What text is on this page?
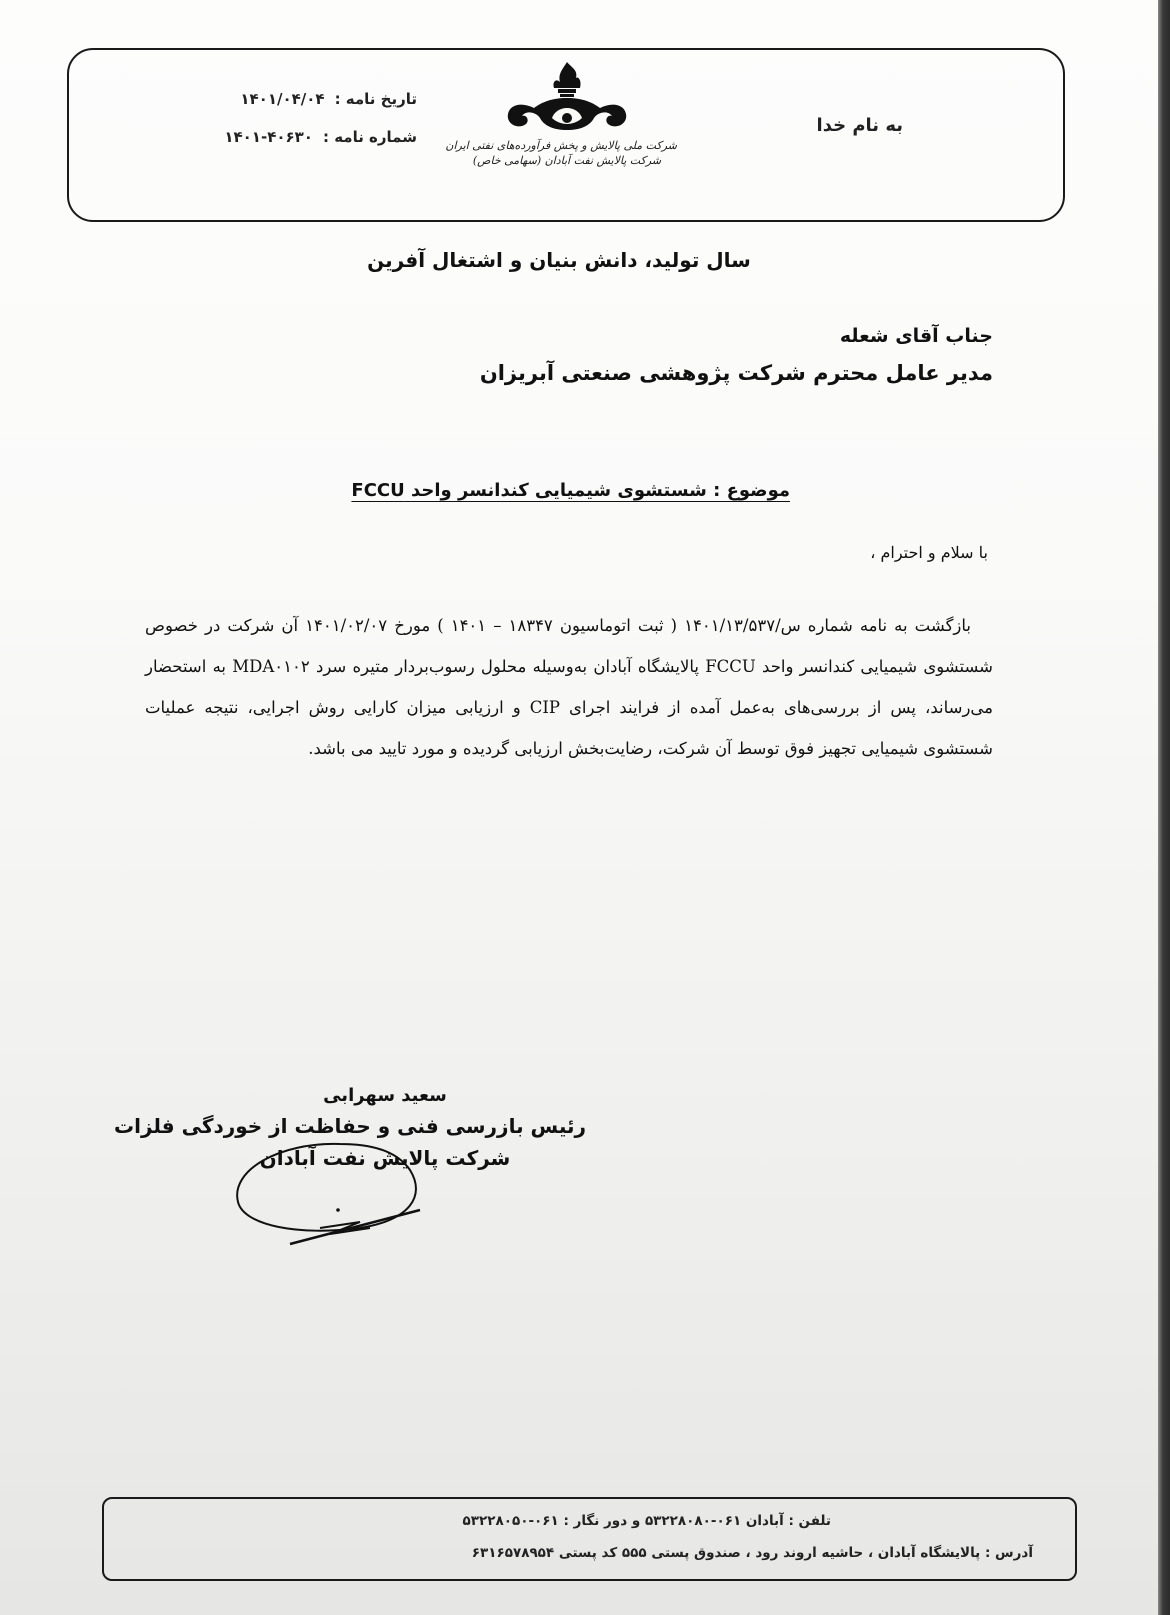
به نام خدا
شرکت ملی پالایش و پخش فرآورده‌های نفتی ایران
شرکت پالایش نفت آبادان (سهامی خاص)
تاریخ نامه :
۱۴۰۱/۰۴/۰۴
شماره نامه :
۱۴۰۱-۴۰۶۳۰
سال تولید، دانش بنیان و اشتغال آفرین
جناب آقای شعله
مدیر عامل محترم شرکت پژوهشی صنعتی آبریزان
موضوع : شستشوی شیمیایی کندانسر واحد FCCU
با سلام و احترام ،

بازگشت به نامه شماره س/۱۴۰۱/۱۳/۵۳۷ ( ثبت اتوماسیون ۱۸۳۴۷ – ۱۴۰۱ ) مورخ ۱۴۰۱/۰۲/۰۷ آن شرکت در خصوص شستشوی شیمیایی کندانسر واحد FCCU پالایشگاه آبادان به‌وسیله محلول رسوب‌بردار متیره سرد MDA۰۱۰۲ به استحضار می‌رساند، پس از بررسی‌های به‌عمل آمده از فرایند اجرای CIP و ارزیابی میزان کارایی روش اجرایی، نتیجه عملیات شستشوی شیمیایی تجهیز فوق توسط آن شرکت، رضایت‌بخش ارزیابی گردیده و مورد تایید می باشد.

سعید سهرابی
رئیس بازرسی فنی و حفاظت از خوردگی فلزات
شرکت پالایش نفت آبادان
تلفن : آبادان ۰۶۱-۵۳۲۲۸۰۸۰ و دور نگار : ۰۶۱-۵۳۲۲۸۰۵۰
آدرس : پالایشگاه آبادان ، حاشیه اروند رود ، صندوق پستی ۵۵۵ کد پستی ۶۳۱۶۵۷۸۹۵۴
